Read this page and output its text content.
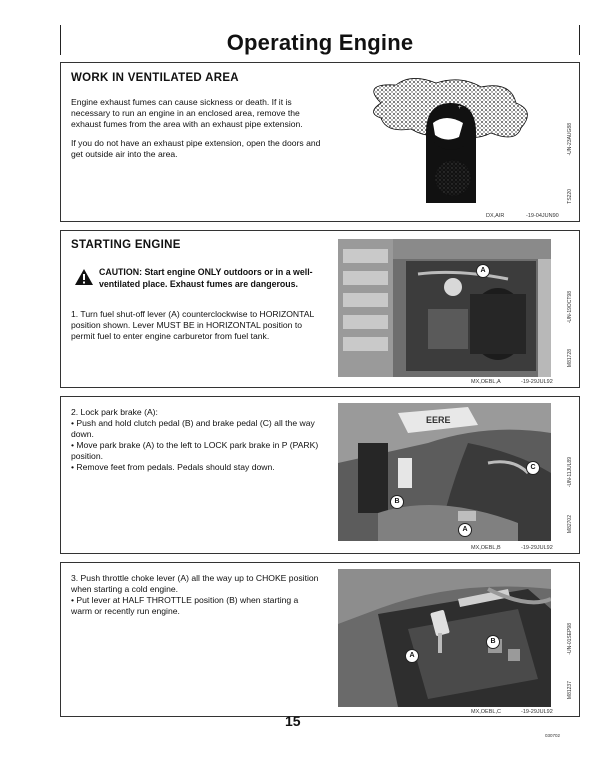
Operating Engine
WORK IN VENTILATED AREA

Engine exhaust fumes can cause sickness or death. If it is necessary to run an engine in an enclosed area, remove the exhaust fumes from the area with an exhaust pipe extension.

If you do not have an exhaust pipe extension, open the doors and get outside air into the area.

+
-UN-23AUG88
TS220
DX,AIR	-19-04JUN90
STARTING ENGINE
CAUTION: Start engine ONLY outdoors or in a well-ventilated place. Exhaust fumes are dangerous.
1. Turn fuel shut-off lever (A) counterclockwise to HORIZONTAL position shown. Lever MUST BE in HORIZONTAL position to permit fuel to enter engine carburetor from fuel tank.
A
-UN-19OCT98
M81728
MX,OEBL,A	-19-29JUL92
2. Lock park brake (A):
• Push and hold clutch pedal (B) and brake pedal (C) all the way down.
• Move park brake (A) to the left to LOCK park brake in P (PARK) position.
• Remove feet from pedals. Pedals should stay down.
EERE
C
B
A
-UN-11JUL89
M82702
MX,OEBL,B	-19-29JUL92
3. Push throttle choke lever (A) all the way up to CHOKE position when starting a cold engine.
• Put lever at HALF THROTTLE position (B) when starting a warm or recently run engine.
A
B	-UN-01SEP98
M81237
MX,OEBL,C	-19-29JUL92
15
030702
